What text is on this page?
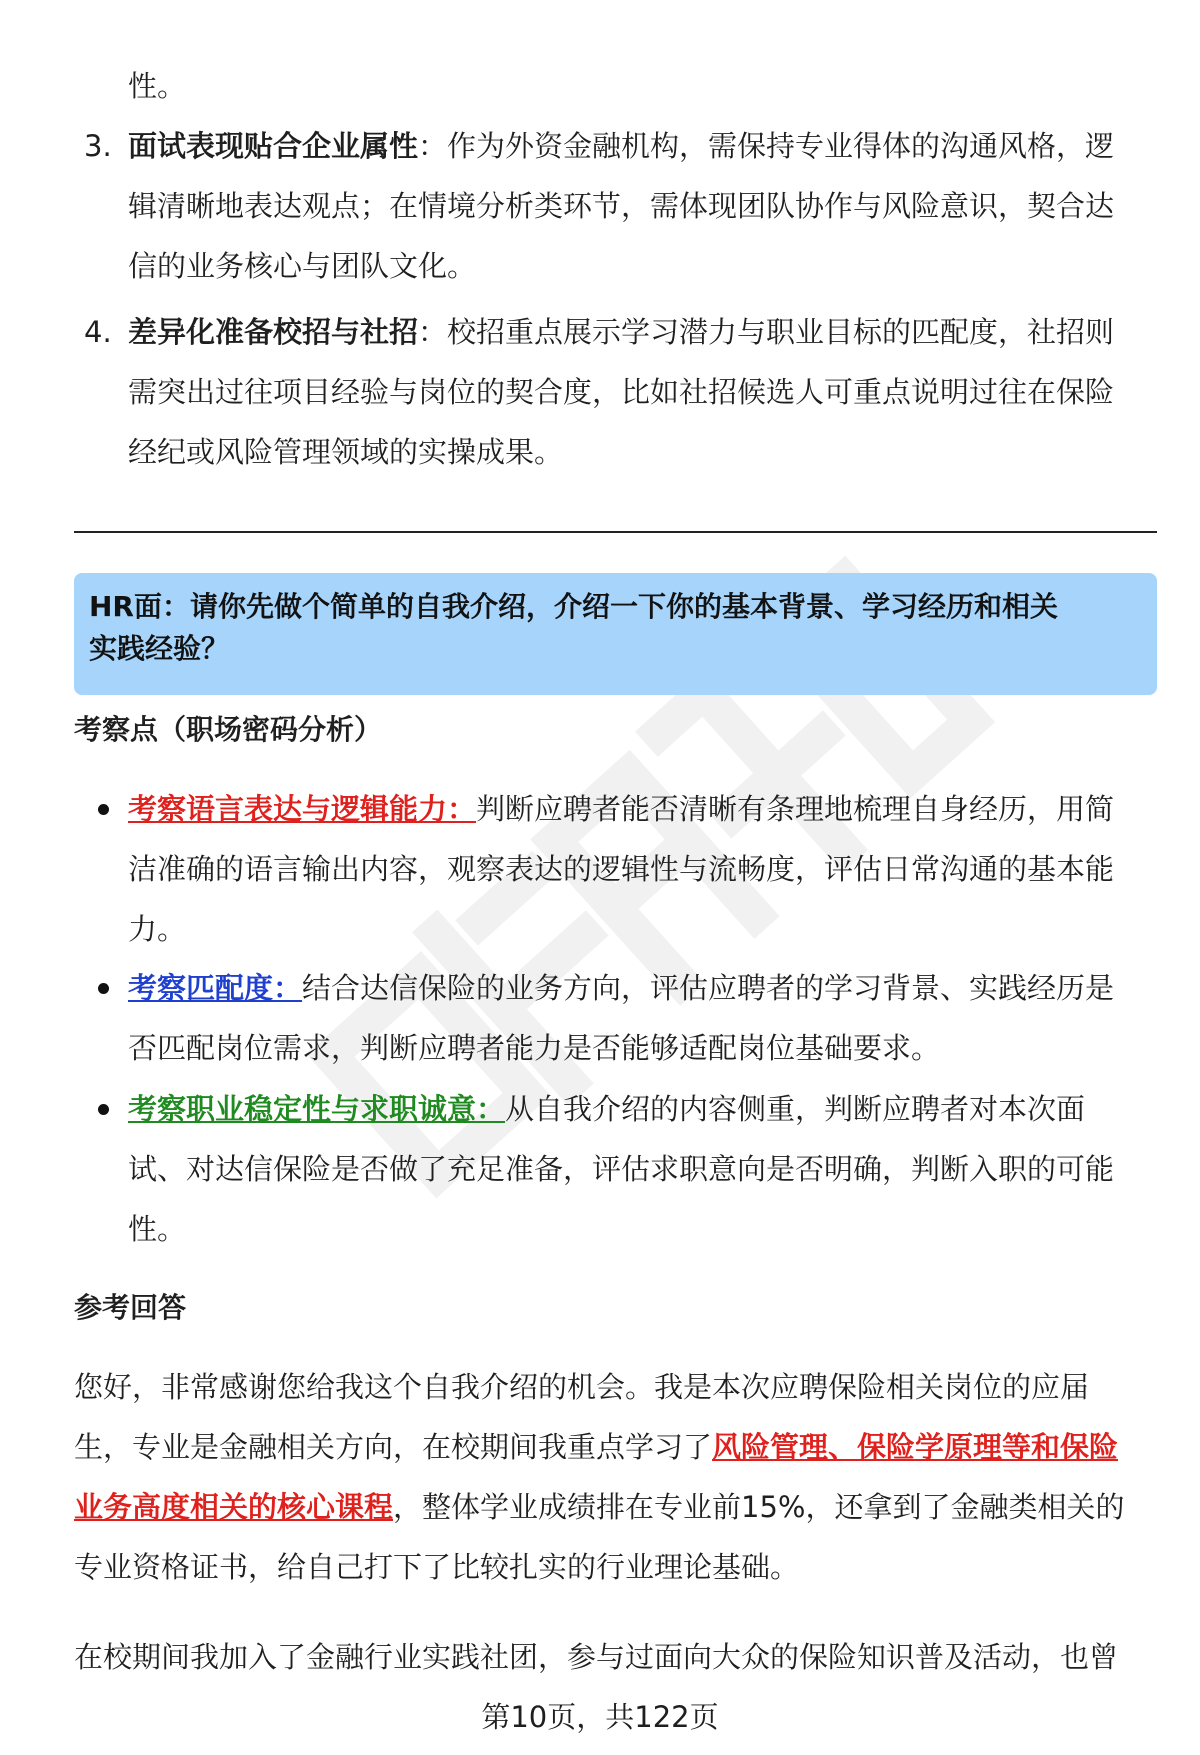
性。
3. 面试表现贴合企业属性：作为外资金融机构，需保持专业得体的沟通风格，逻
辑清晰地表达观点；在情境分析类环节，需体现团队协作与风险意识，契合达
信的业务核心与团队文化。
4. 差异化准备校招与社招：校招重点展示学习潜力与职业目标的匹配度，社招则
需突出过往项目经验与岗位的契合度，比如社招候选人可重点说明过往在保险
经纪或风险管理领域的实操成果。
HR面：请你先做个简单的自我介绍，介绍一下你的基本背景、学习经历和相关
实践经验？
考察点（职场密码分析）
考察语言表达与逻辑能力：判断应聘者能否清晰有条理地梳理自身经历，用简
洁准确的语言输出内容，观察表达的逻辑性与流畅度，评估日常沟通的基本能
力。
考察匹配度：结合达信保险的业务方向，评估应聘者的学习背景、实践经历是
否匹配岗位需求，判断应聘者能力是否能够适配岗位基础要求。
考察职业稳定性与求职诚意：从自我介绍的内容侧重，判断应聘者对本次面
试、对达信保险是否做了充足准备，评估求职意向是否明确，判断入职的可能
性。
参考回答
您好，非常感谢您给我这个自我介绍的机会。我是本次应聘保险相关岗位的应届
生，专业是金融相关方向，在校期间我重点学习了风险管理、保险学原理等和保险
业务高度相关的核心课程，整体学业成绩排在专业前15%，还拿到了金融类相关的
专业资格证书，给自己打下了比较扎实的行业理论基础。
在校期间我加入了金融行业实践社团，参与过面向大众的保险知识普及活动，也曾
第10页，共122页
